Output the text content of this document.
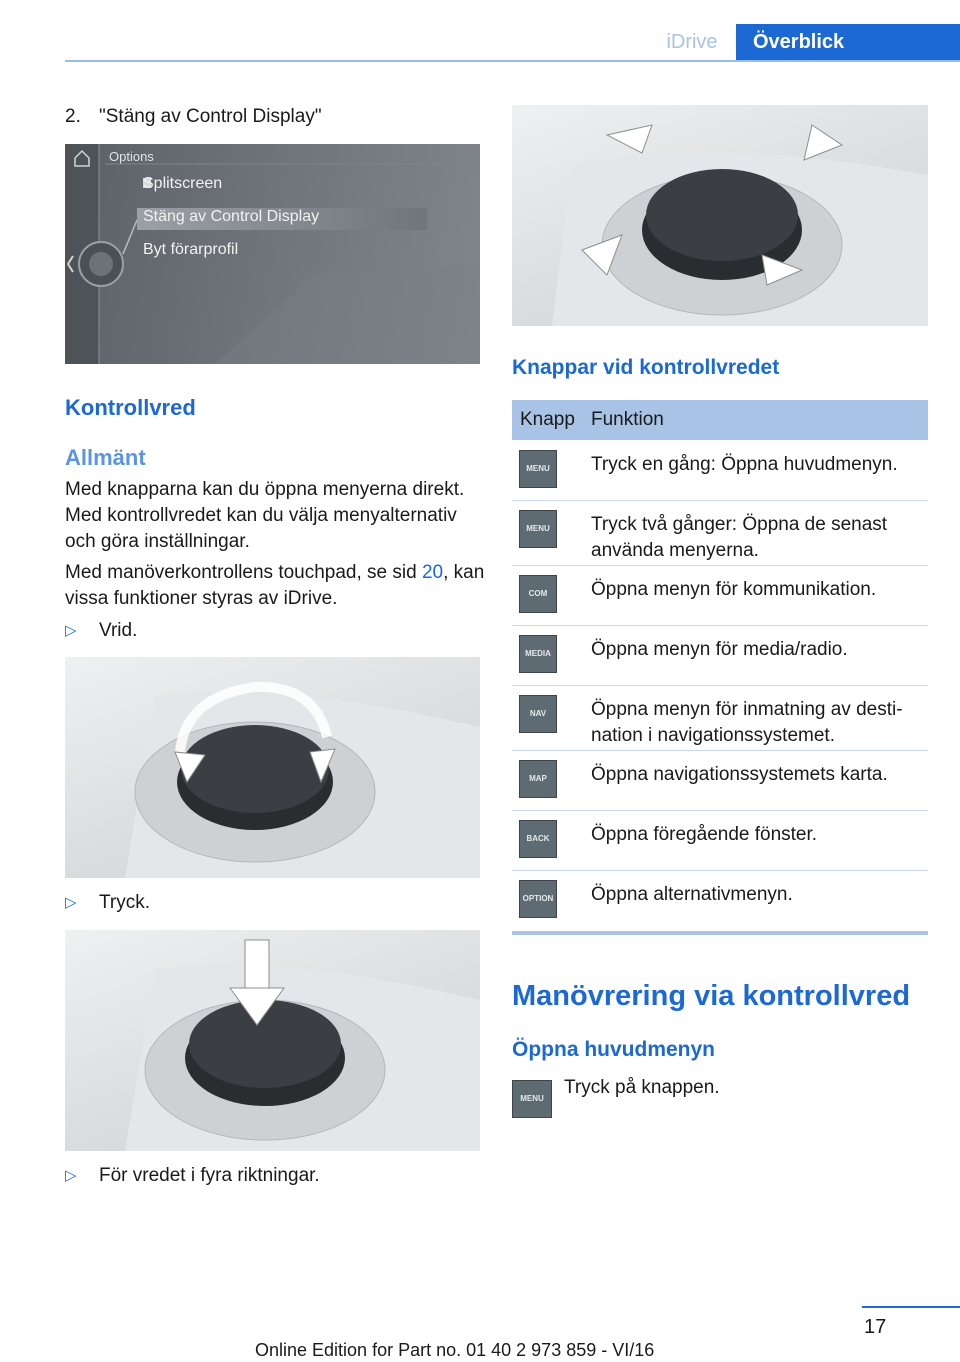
iDrive	Överblick
2. "Stäng av Control Display"
Options
Splitscreen
Stäng av Control Display
Byt förarprofil
Kontrollvred
Allmänt
Med knapparna kan du öppna menyerna direkt. Med kontrollvredet kan du välja menyalternativ och göra inställningar.
Med manöverkontrollens touchpad, se sid 20, kan vissa funktioner styras av iDrive.
▷ Vrid.
▷ Tryck.
▷ För vredet i fyra riktningar.
Knappar vid kontrollvredet
Knapp Funktion
MENU	Tryck en gång: Öppna huvudmenyn.
MENU	Tryck två gånger: Öppna de senast använda menyerna.
COM	Öppna menyn för kommunikation.
MEDIA	Öppna menyn för media/radio.
NAV	Öppna menyn för inmatning av desti‐ nation i navigationssystemet.
MAP	Öppna navigationssystemets karta.
BACK	Öppna föregående fönster.
OPTION Öppna alternativmenyn.
Manövrering via kontrollvred
Öppna huvudmenyn
MENU
Tryck på knappen.
17
Online Edition for Part no. 01 40 2 973 859 - VI/16
